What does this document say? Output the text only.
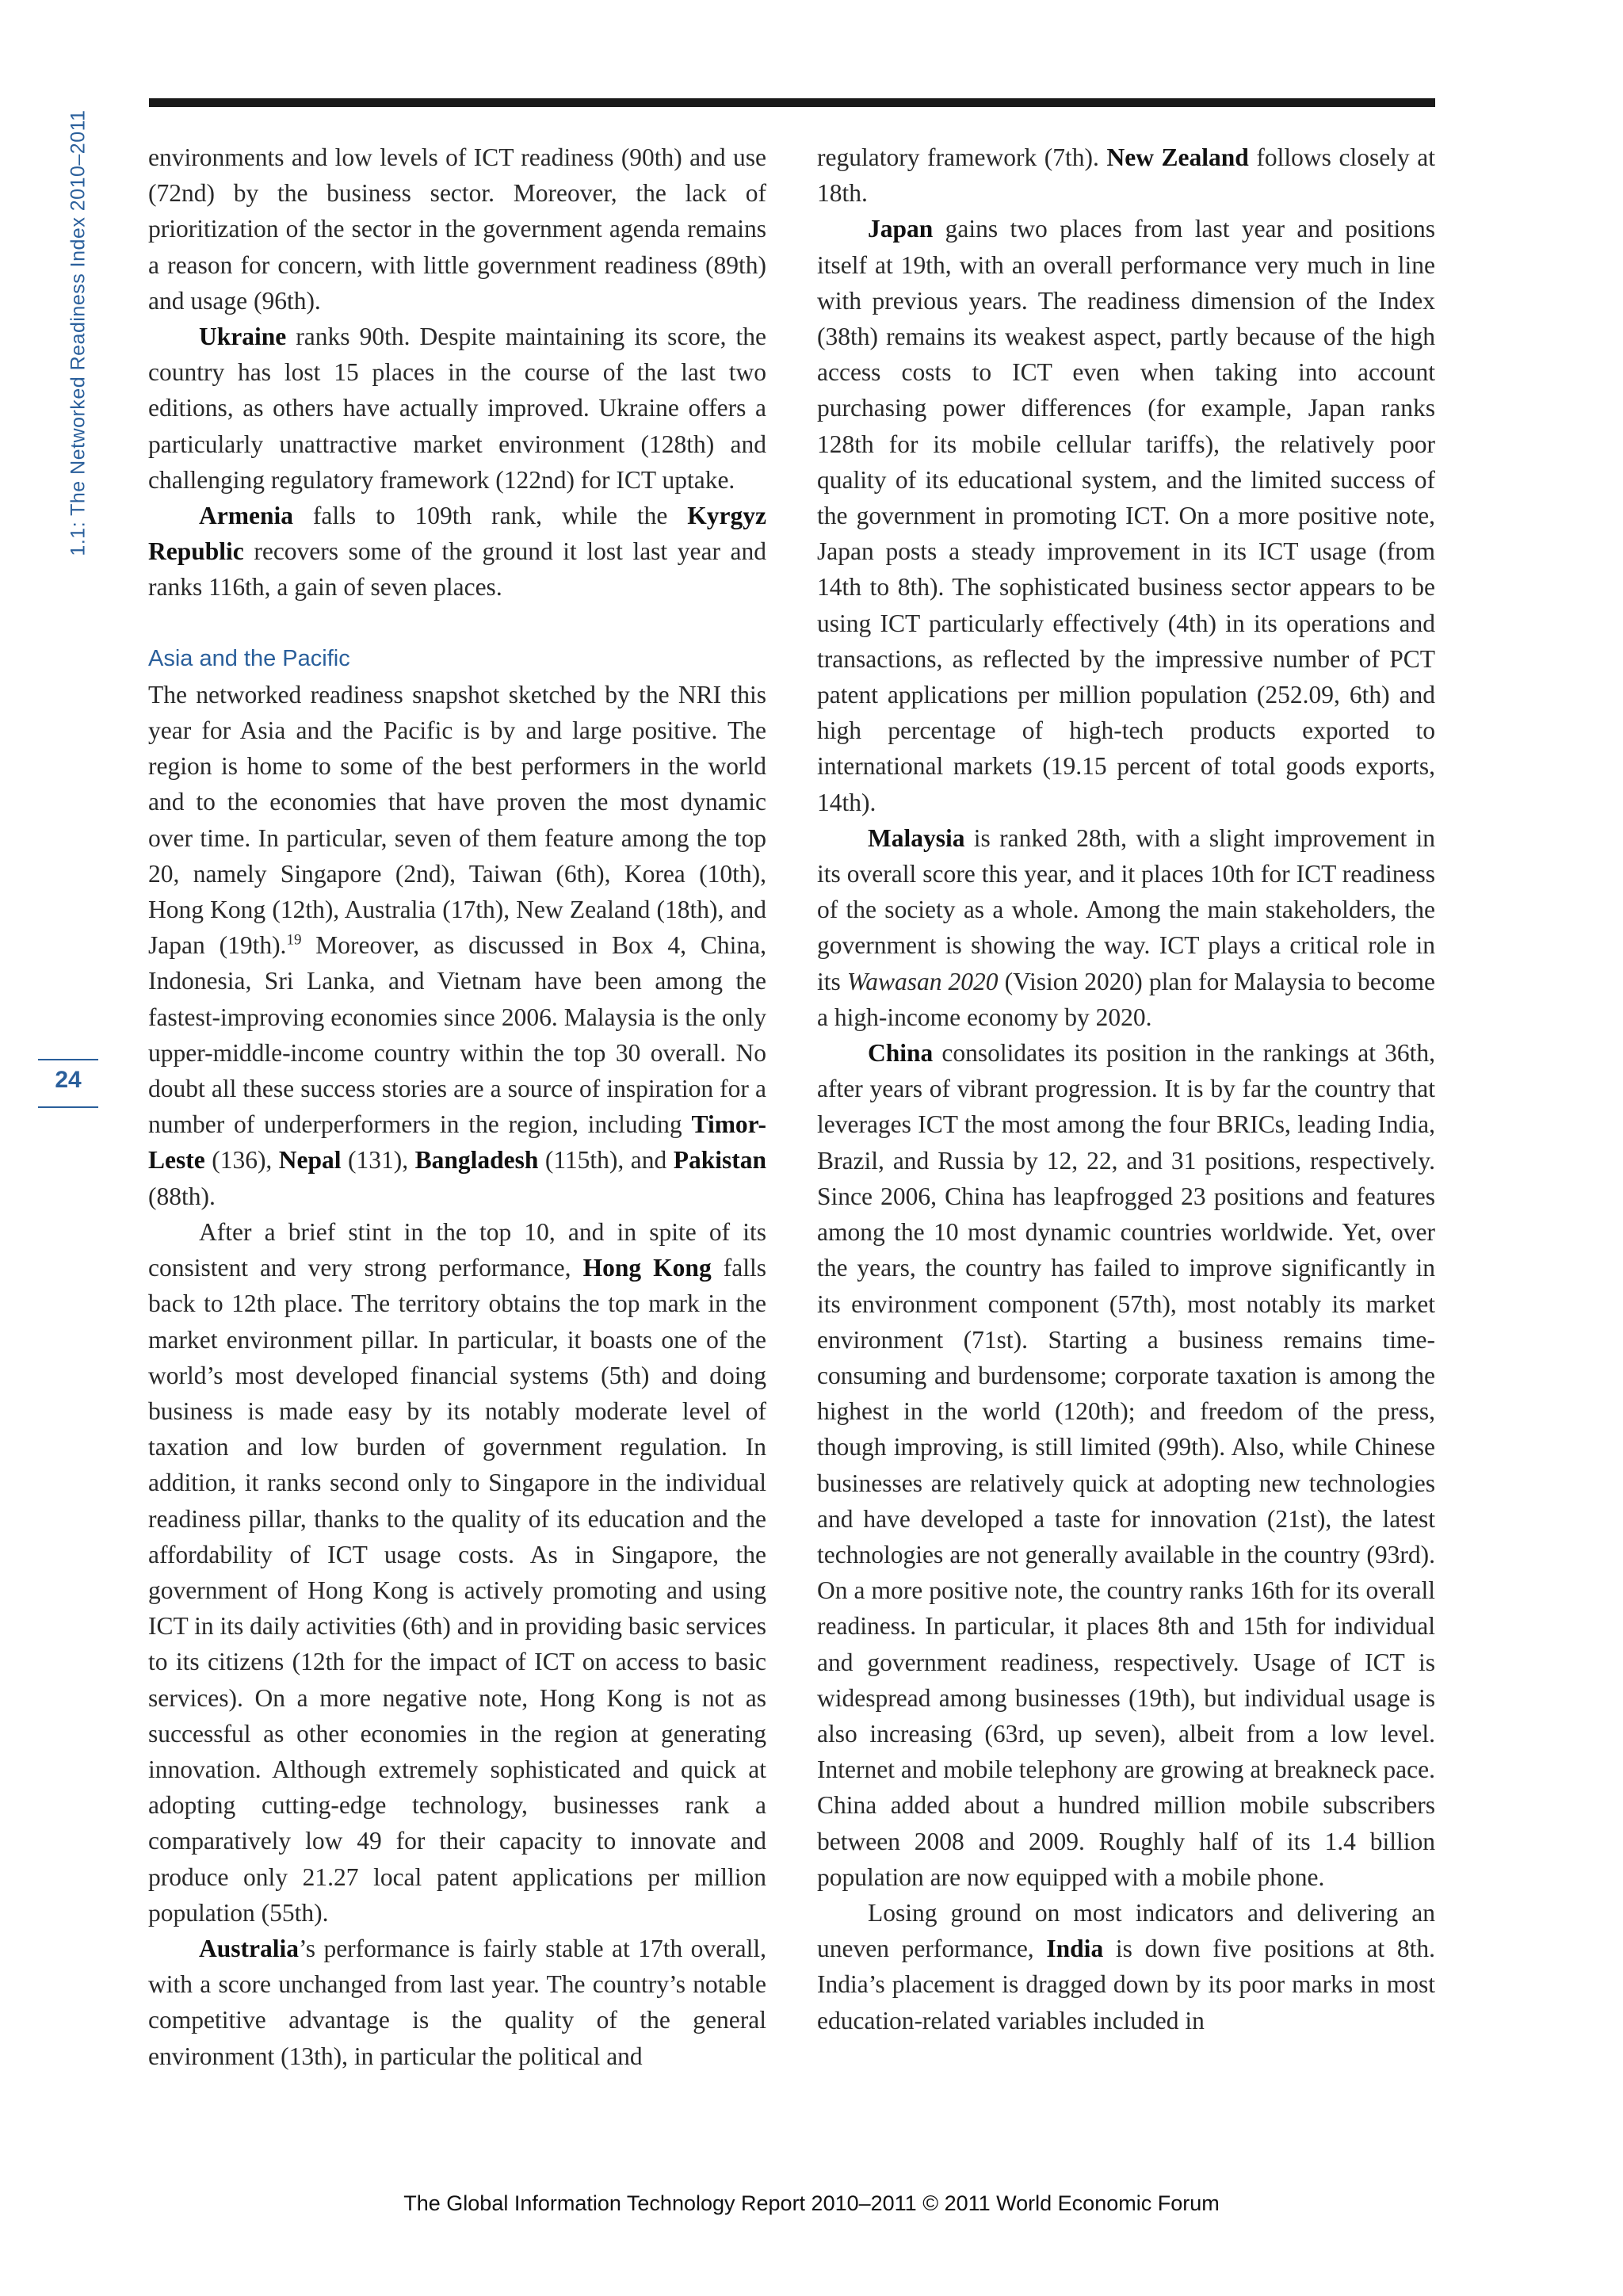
1.1: The Networked Readiness Index 2010–2011
24

environments and low levels of ICT readiness (90th) and use (72nd) by the business sector. Moreover, the lack of prioritization of the sector in the government agenda remains a reason for concern, with little government readiness (89th) and usage (96th).

Ukraine ranks 90th. Despite maintaining its score, the country has lost 15 places in the course of the last two editions, as others have actually improved. Ukraine offers a particularly unattractive market environment (128th) and challenging regulatory framework (122nd) for ICT uptake.

Armenia falls to 109th rank, while the Kyrgyz Republic recovers some of the ground it lost last year and ranks 116th, a gain of seven places.

Asia and the Pacific

The networked readiness snapshot sketched by the NRI this year for Asia and the Pacific is by and large positive. The region is home to some of the best performers in the world and to the economies that have proven the most dynamic over time. In particular, seven of them feature among the top 20, namely Singapore (2nd), Taiwan (6th), Korea (10th), Hong Kong (12th), Australia (17th), New Zealand (18th), and Japan (19th).$^{19}$ Moreover, as discussed in Box 4, China, Indonesia, Sri Lanka, and Vietnam have been among the fastest-improving economies since 2006. Malaysia is the only upper-middle-income country within the top 30 overall. No doubt all these success stories are a source of inspiration for a number of underperformers in the region, including Timor-Leste (136), Nepal (131), Bangladesh (115th), and Pakistan (88th).

After a brief stint in the top 10, and in spite of its consistent and very strong performance, Hong Kong falls back to 12th place. The territory obtains the top mark in the market environment pillar. In particular, it boasts one of the world’s most developed financial systems (5th) and doing business is made easy by its notably moderate level of taxation and low burden of government regulation. In addition, it ranks second only to Singapore in the individual readiness pillar, thanks to the quality of its education and the affordability of ICT usage costs. As in Singapore, the government of Hong Kong is actively promoting and using ICT in its daily activities (6th) and in providing basic services to its citizens (12th for the impact of ICT on access to basic services). On a more negative note, Hong Kong is not as successful as other economies in the region at generating innovation. Although extremely sophisticated and quick at adopting cutting-edge technology, businesses rank a comparatively low 49 for their capacity to innovate and produce only 21.27 local patent applications per million population (55th).

Australia’s performance is fairly stable at 17th overall, with a score unchanged from last year. The country’s notable competitive advantage is the quality of the general environment (13th), in particular the political and

regulatory framework (7th). New Zealand follows closely at 18th.

Japan gains two places from last year and positions itself at 19th, with an overall performance very much in line with previous years. The readiness dimension of the Index (38th) remains its weakest aspect, partly because of the high access costs to ICT even when taking into account purchasing power differences (for example, Japan ranks 128th for its mobile cellular tariffs), the relatively poor quality of its educational system, and the limited success of the government in promoting ICT. On a more positive note, Japan posts a steady improvement in its ICT usage (from 14th to 8th). The sophisticated business sector appears to be using ICT particularly effectively (4th) in its operations and transactions, as reflected by the impressive number of PCT patent applications per million population (252.09, 6th) and high percentage of high-tech products exported to international markets (19.15 percent of total goods exports, 14th).

Malaysia is ranked 28th, with a slight improvement in its overall score this year, and it places 10th for ICT readiness of the society as a whole. Among the main stakeholders, the government is showing the way. ICT plays a critical role in its Wawasan 2020 (Vision 2020) plan for Malaysia to become a high-income economy by 2020.

China consolidates its position in the rankings at 36th, after years of vibrant progression. It is by far the country that leverages ICT the most among the four BRICs, leading India, Brazil, and Russia by 12, 22, and 31 positions, respectively. Since 2006, China has leapfrogged 23 positions and features among the 10 most dynamic countries worldwide. Yet, over the years, the country has failed to improve significantly in its environment component (57th), most notably its market environment (71st). Starting a business remains time-consuming and burdensome; corporate taxation is among the highest in the world (120th); and freedom of the press, though improving, is still limited (99th). Also, while Chinese businesses are relatively quick at adopting new technologies and have developed a taste for innovation (21st), the latest technologies are not generally available in the country (93rd). On a more positive note, the country ranks 16th for its overall readiness. In particular, it places 8th and 15th for individual and government readiness, respectively. Usage of ICT is widespread among businesses (19th), but individual usage is also increasing (63rd, up seven), albeit from a low level. Internet and mobile telephony are growing at breakneck pace. China added about a hundred million mobile subscribers between 2008 and 2009. Roughly half of its 1.4 billion population are now equipped with a mobile phone.

Losing ground on most indicators and delivering an uneven performance, India is down five positions at 8th. India’s placement is dragged down by its poor marks in most education-related variables included in

The Global Information Technology Report 2010–2011 © 2011 World Economic Forum
